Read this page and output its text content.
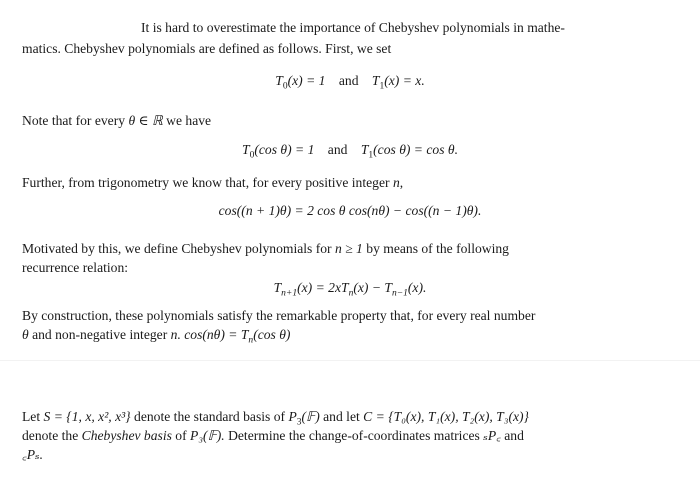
It is hard to overestimate the importance of Chebyshev polynomials in mathe-
matics. Chebyshev polynomials are defined as follows. First, we set
$T_0(x) = 1$ and $T_1(x) = x$.
Note that for every θ ∈ ℝ we have
$T_0(\cos$ θ) = 1 and $T_1(\cos$ θ) = cos θ.
Further, from trigonometry we know that, for every positive integer n,
cos((n + 1)θ) = 2 cos θ cos(nθ) − cos((n − 1)θ).
Motivated by this, we define Chebyshev polynomials for n ≥ 1 by means of the following
recurrence relation:
$T_{n+1}(x) = 2xT_n(x) - T_{n-1}(x)$.
By construction, these polynomials satisfy the remarkable property that, for every real number
θ and non-negative integer n. $\cos(n\theta) = T_n(\cos$ θ)
Let S = {1, x, x², x³} denote the standard basis of $P_3(𝔽)$ and let C = {T₀(x), T₁(x), T₂(x), T₃(x)}
denote the Chebyshev basis of P₃(𝔽). Determine the change-of-coordinates matrices ₛP꜀ and
꜀Pₛ.
